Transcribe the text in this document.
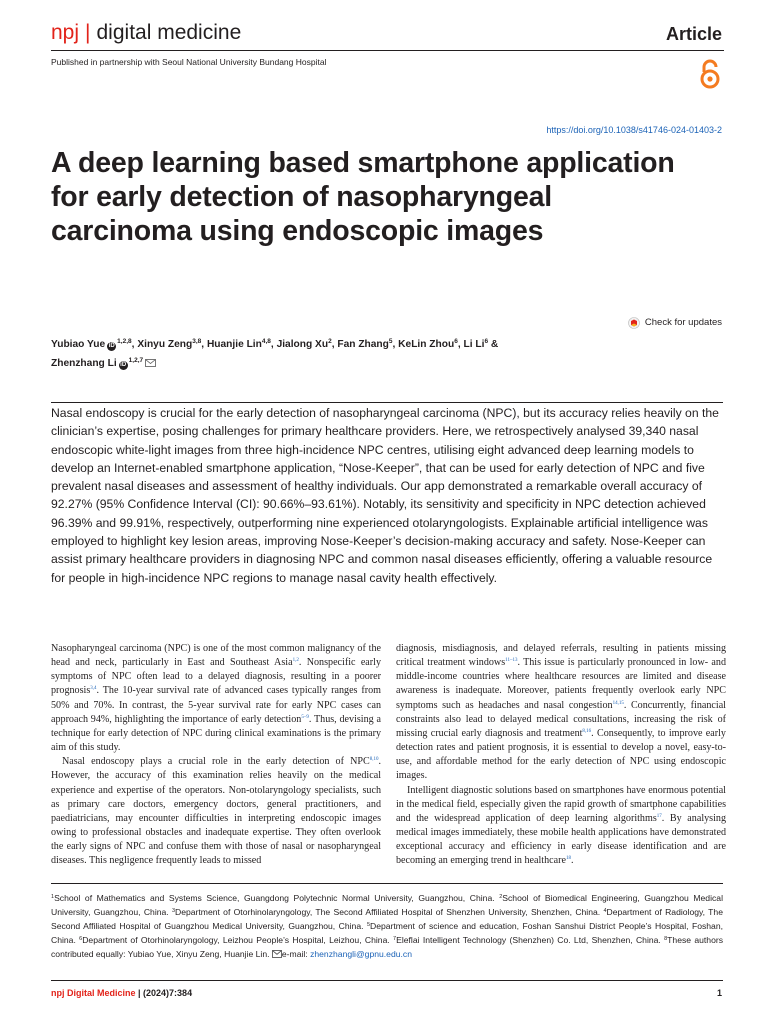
npj | digital medicine	Article
Published in partnership with Seoul National University Bundang Hospital
https://doi.org/10.1038/s41746-024-01403-2
A deep learning based smartphone application for early detection of nasopharyngeal carcinoma using endoscopic images
Check for updates
Yubiao Yue iD$^{1,2,8}$, Xinyu Zeng$^{3,8}$, Huanjie Lin$^{4,8}$, Jialong Xu$^2$, Fan Zhang$^5$, KeLin Zhou$^6$, Li Li$^6$ & Zhenzhang Li iD$^{1,2,7}$

Nasal endoscopy is crucial for the early detection of nasopharyngeal carcinoma (NPC), but its accuracy relies heavily on the clinician’s expertise, posing challenges for primary healthcare providers. Here, we retrospectively analysed 39,340 nasal endoscopic white-light images from three high-incidence NPC centres, utilising eight advanced deep learning models to develop an Internet-enabled smartphone application, “Nose-Keeper”, that can be used for early detection of NPC and five prevalent nasal diseases and assessment of healthy individuals. Our app demonstrated a remarkable overall accuracy of 92.27% (95% Confidence Interval (CI): 90.66%–93.61%). Notably, its sensitivity and specificity in NPC detection achieved 96.39% and 99.91%, respectively, outperforming nine experienced otolaryngologists. Explainable artificial intelligence was employed to highlight key lesion areas, improving Nose-Keeper’s decision-making accuracy and safety. Nose-Keeper can assist primary healthcare providers in diagnosing NPC and common nasal diseases efficiently, offering a valuable resource for people in high-incidence NPC regions to manage nasal cavity health effectively.

Nasopharyngeal carcinoma (NPC) is one of the most common malignancy of the head and neck, particularly in East and Southeast Asia$^{1,2}$. Nonspecific early symptoms of NPC often lead to a delayed diagnosis, resulting in a poorer prognosis$^{3,4}$. The 10-year survival rate of advanced cases typically ranges from 50% and 70%. In contrast, the 5-year survival rate for early NPC cases can approach 94%, highlighting the importance of early detection$^{5-9}$. Thus, devising a technique for early detection of NPC during clinical examinations is the primary aim of this study.

Nasal endoscopy plays a crucial role in the early detection of NPC$^{8,10}$. However, the accuracy of this examination relies heavily on the medical experience and expertise of the operators. Non-otolaryngology specialists, such as primary care doctors, emergency doctors, general practitioners, and paediatricians, may encounter difficulties in interpreting endoscopic images owing to professional obstacles and inadequate expertise. They often overlook the early signs of NPC and confuse them with those of nasal or nasopharyngeal diseases. This negligence frequently leads to missed

diagnosis, misdiagnosis, and delayed referrals, resulting in patients missing critical treatment windows$^{11-13}$. This issue is particularly pronounced in low- and middle-income countries where healthcare resources are limited and disease awareness is inadequate. Moreover, patients frequently overlook early NPC symptoms such as headaches and nasal congestion$^{14,15}$. Concurrently, financial constraints also lead to delayed medical consultations, increasing the risk of missing crucial early diagnosis and treatment$^{8,16}$. Consequently, to improve early detection rates and patient prognosis, it is essential to develop a novel, easy-to-use, and affordable method for the early detection of NPC using endoscopic images.

Intelligent diagnostic solutions based on smartphones have enormous potential in the medical field, especially given the rapid growth of smartphone capabilities and the widespread application of deep learning algorithms$^{17}$. By analysing medical images immediately, these mobile health applications have demonstrated exceptional accuracy and efficiency in early disease identification and are becoming an emerging trend in healthcare$^{18}$.

$^1$School of Mathematics and Systems Science, Guangdong Polytechnic Normal University, Guangzhou, China. $^2$School of Biomedical Engineering, Guangzhou Medical University, Guangzhou, China. $^3$Department of Otorhinolaryngology, The Second Affiliated Hospital of Shenzhen University, Shenzhen, China. $^4$Department of Radiology, The Second Affiliated Hospital of Guangzhou Medical University, Guangzhou, China. $^5$Department of science and education, Foshan Sanshui District People’s Hospital, Foshan, China. $^6$Department of Otorhinolaryngology, Leizhou People’s Hospital, Leizhou, China. $^7$Eleflai Intelligent Technology (Shenzhen) Co. Ltd, Shenzhen, China. $^8$These authors contributed equally: Yubiao Yue, Xinyu Zeng, Huanjie Lin. e-mail: zhenzhangli@gpnu.edu.cn
npj Digital Medicine | (2024)7:384	1
